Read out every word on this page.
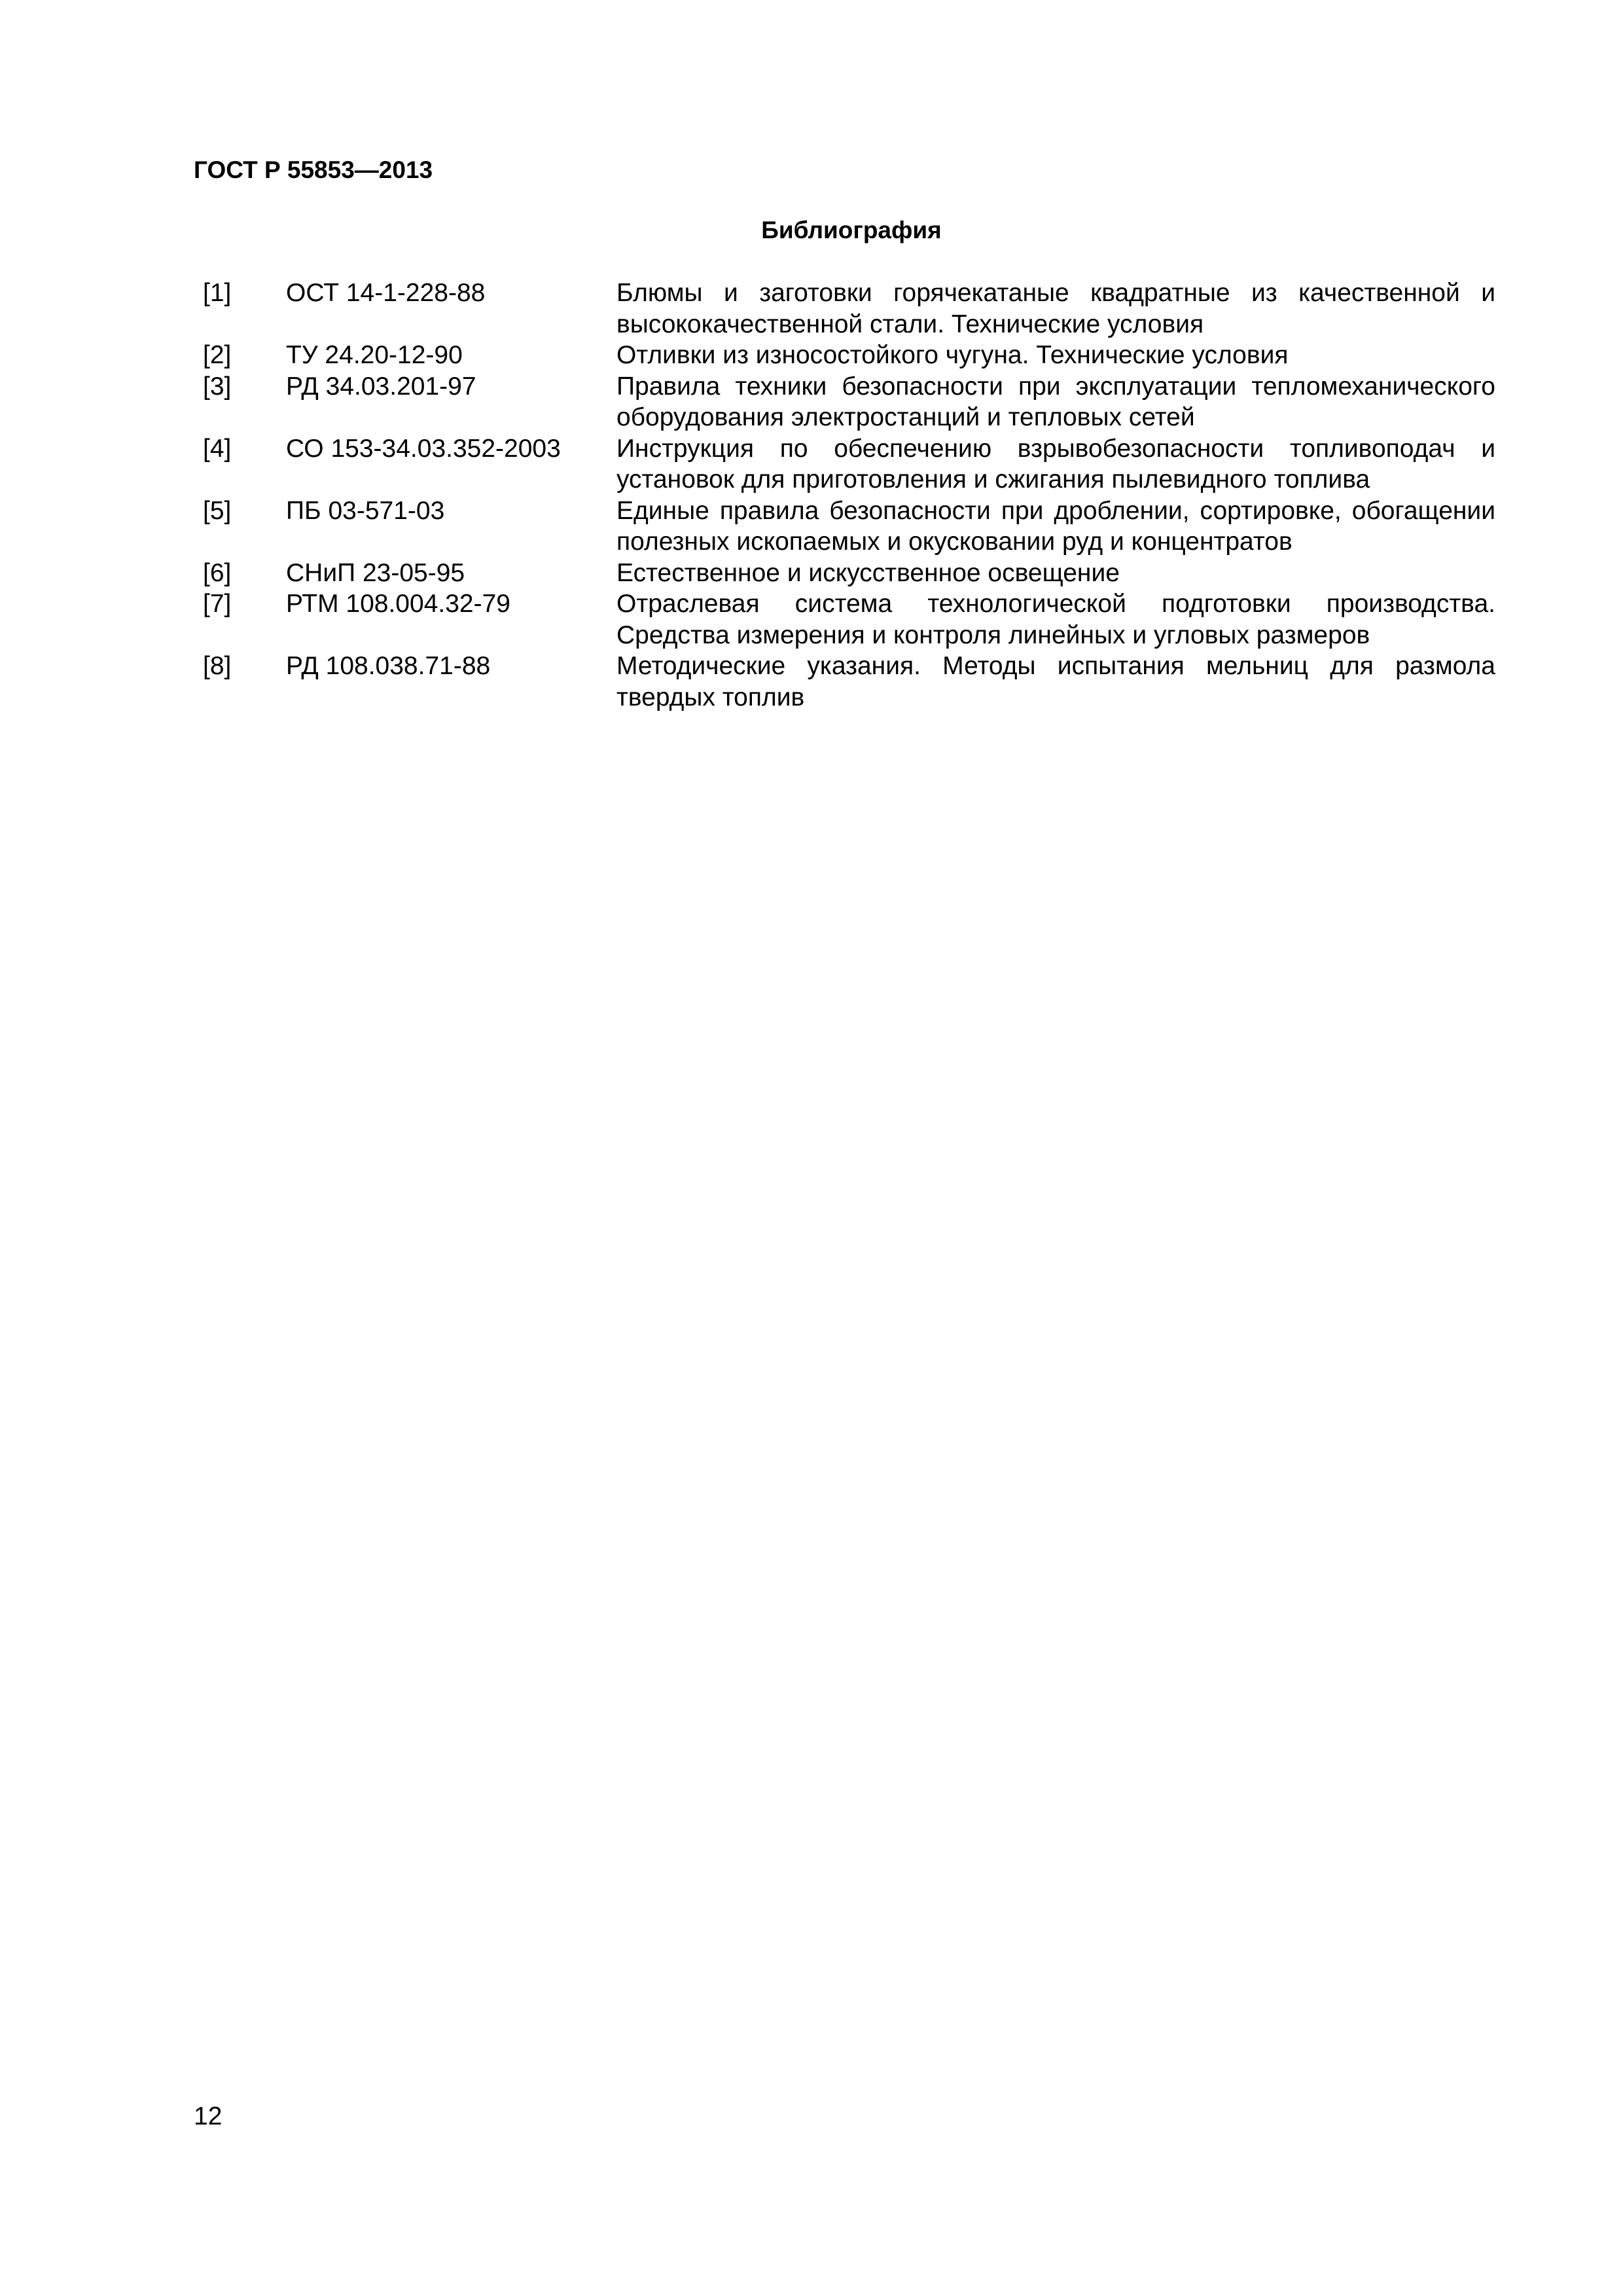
ГОСТ Р 55853—2013
Библиография
[1]	ОСТ 14-1-228-88	Блюмы и заготовки горячекатаные квадратные из качественной и высококачественной стали. Технические условия
[2]	ТУ 24.20-12-90	Отливки из износостойкого чугуна. Технические условия
[3]	РД 34.03.201-97	Правила техники безопасности при эксплуатации тепломеханического оборудования электростанций и тепловых сетей
[4]	СО 153-34.03.352-2003	Инструкция по обеспечению взрывобезопасности топливоподач и установок для приготовления и сжигания пылевидного топлива
[5]	ПБ 03-571-03	Единые правила безопасности при дроблении, сортировке, обогащении полезных ископаемых и окусковании руд и концентратов
[6]	СНиП 23-05-95	Естественное и искусственное освещение
[7]	РТМ 108.004.32-79	Отраслевая система технологической подготовки производства. Средства измерения и контроля линейных и угловых размеров
[8]	РД 108.038.71-88	Методические указания. Методы испытания мельниц для размола твердых топлив
12
